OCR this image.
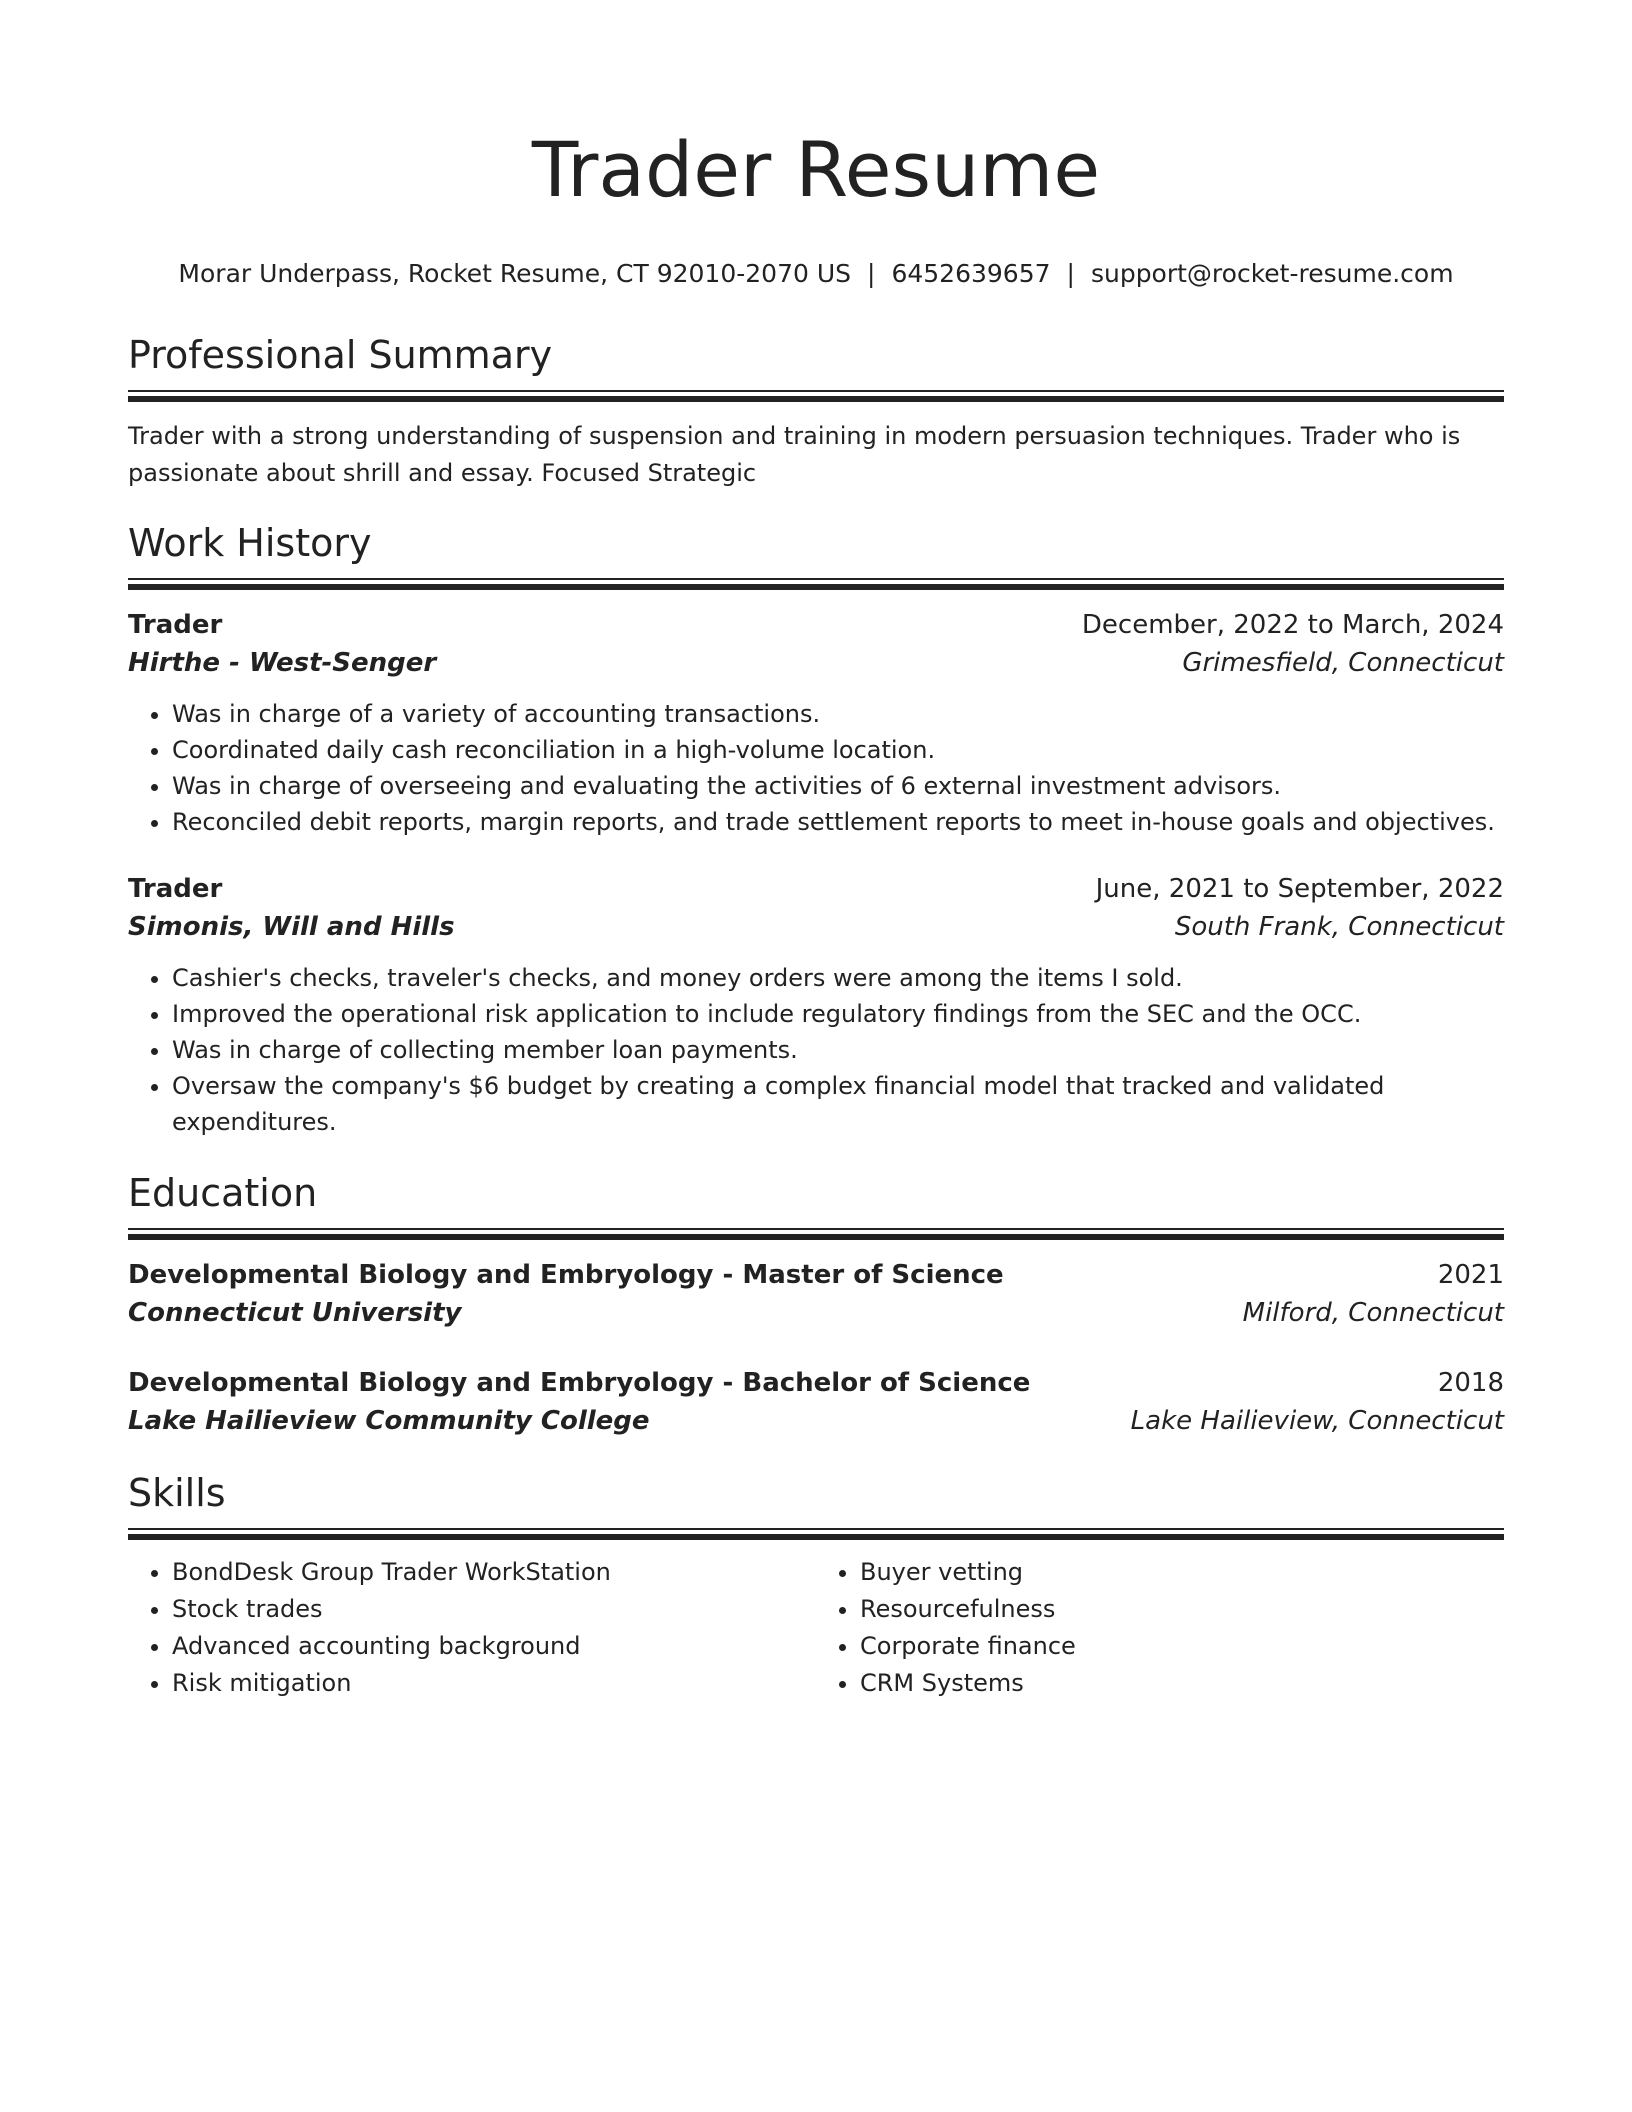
Trader Resume
Morar Underpass, Rocket Resume, CT 92010-2070 US | 6452639657 | support@rocket-resume.com
Professional Summary
Trader with a strong understanding of suspension and training in modern persuasion techniques. Trader who is passionate about shrill and essay. Focused Strategic
Work History
Trader	December, 2022 to March, 2024
Hirthe - West-Senger	Grimesfield, Connecticut
• Was in charge of a variety of accounting transactions.
• Coordinated daily cash reconciliation in a high-volume location.
• Was in charge of overseeing and evaluating the activities of 6 external investment advisors.
• Reconciled debit reports, margin reports, and trade settlement reports to meet in-house goals and objectives.
Trader	June, 2021 to September, 2022
Simonis, Will and Hills	South Frank, Connecticut
• Cashier's checks, traveler's checks, and money orders were among the items I sold.
• Improved the operational risk application to include regulatory findings from the SEC and the OCC.
• Was in charge of collecting member loan payments.
• Oversaw the company's $6 budget by creating a complex financial model that tracked and validated expenditures.
Education
Developmental Biology and Embryology - Master of Science	2021
Connecticut University	Milford, Connecticut
Developmental Biology and Embryology - Bachelor of Science	2018
Lake Hailieview Community College	Lake Hailieview, Connecticut
Skills
• BondDesk Group Trader WorkStation
• Stock trades
• Advanced accounting background
• Risk mitigation
• Buyer vetting
• Resourcefulness
• Corporate finance
• CRM Systems
